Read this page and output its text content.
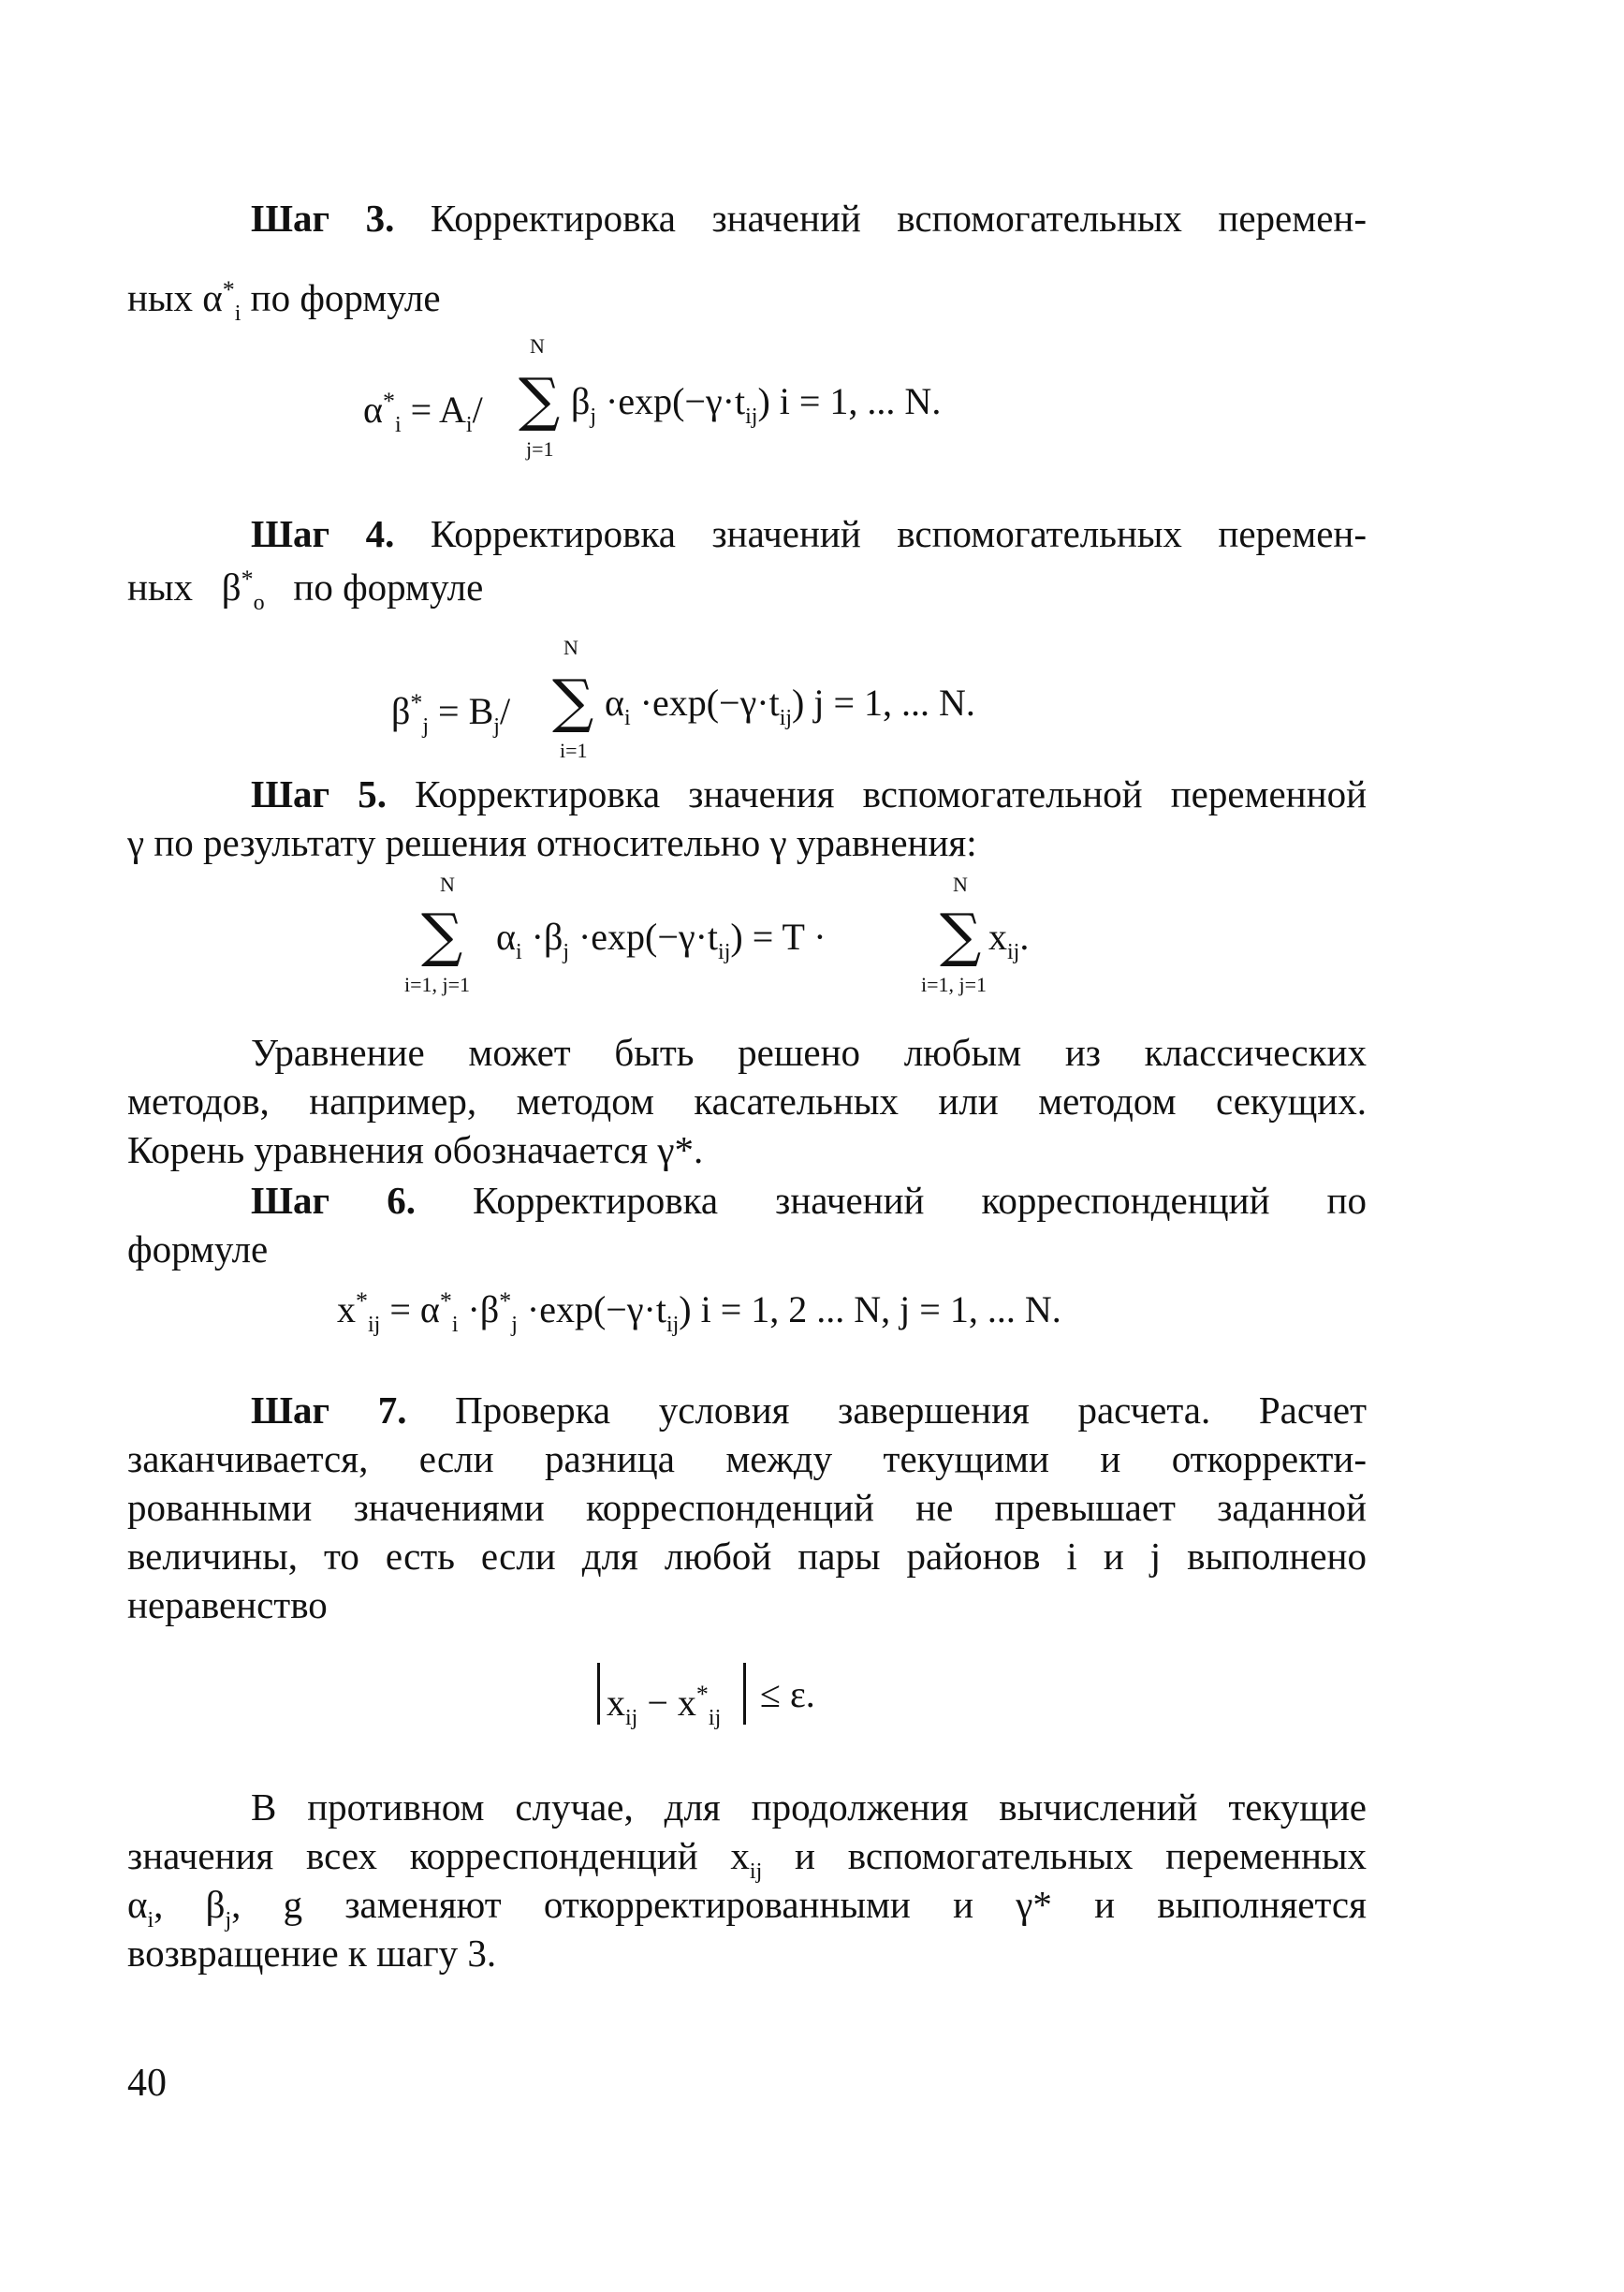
Шаг 3. Корректировка значений вспомогательных перемен-
ных $\alpha^*_i$ по формуле
$\alpha^*_i = A_i/$
N
∑
j=1
$\beta_j \cdot\exp(-\gamma\cdot t_{ij}) i = 1$, ... N.
Шаг 4. Корректировка значений вспомогательных перемен-
ных $\beta^*_o$ по формуле
$\beta^*_j = B_j/$
N
∑
i=1
$\alpha_i \cdot\exp(-\gamma\cdot t_{ij}) j = 1$, ... N.
Шаг 5. Корректировка значения вспомогательной переменной
γ по результату решения относительно γ уравнения:
N
∑
i=1, j=1
$\alpha_i \cdot\beta_j \cdot\exp(-\gamma\cdot t_{ij}) = T$ ·
N
∑
i=1, j=1
$x_{ij}$.
Уравнение может быть решено любым из классических
методов, например, методом касательных или методом секущих.
Корень уравнения обозначается γ*.
Шаг 6. Корректировка значений корреспонденций по
формуле
$x^*_{ij} = \alpha^*_i \cdot\beta^*_j \cdot\exp(-\gamma\cdot t_{ij}) i = 1$, 2 ... N, j = 1, ... N.
Шаг 7. Проверка условия завершения расчета. Расчет
заканчивается, если разница между текущими и откорректи-
рованными значениями корреспонденций не превышает заданной
величины, то есть если для любой пары районов i и j выполнено
неравенство
$x_{ij} - x^*_{ij}$
≤ ε.
В противном случае, для продолжения вычислений текущие
значения всех корреспонденций $x_{ij}$ и вспомогательных переменных
$\alpha_i$, $\beta_j$, g заменяют откорректированными и γ* и выполняется
возвращение к шагу 3.
40
